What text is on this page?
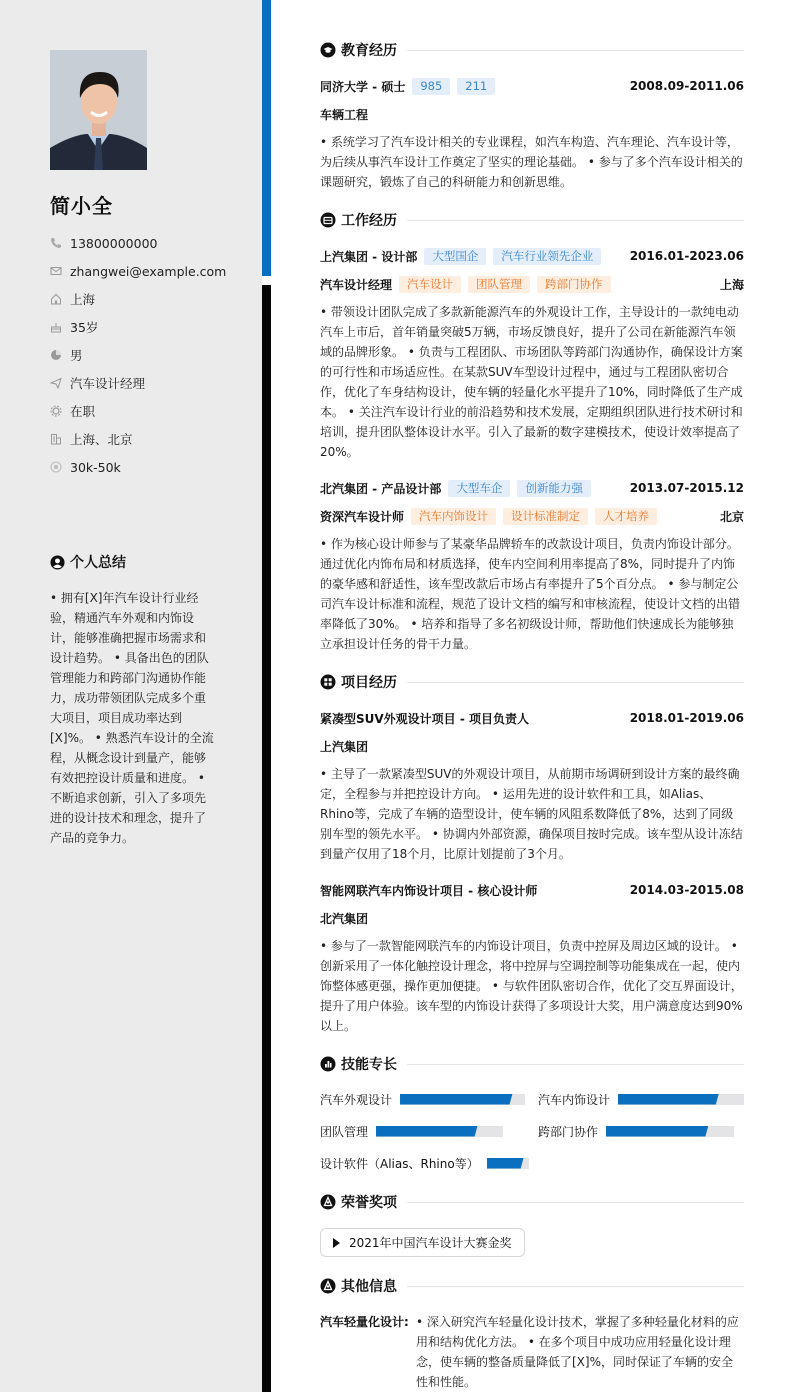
简小全
13800000000
zhangwei@example.com
上海
35岁
男
汽车设计经理
在职
上海、北京
30k-50k
个人总结
• 拥有[X]年汽车设计行业经验，精通汽车外观和内饰设计，能够准确把握市场需求和设计趋势。 • 具备出色的团队管理能力和跨部门沟通协作能力，成功带领团队完成多个重大项目，项目成功率达到[X]%。 • 熟悉汽车设计的全流程，从概念设计到量产，能够有效把控设计质量和进度。 • 不断追求创新，引入了多项先进的设计技术和理念，提升了产品的竞争力。
教育经历
同济大学 - 硕士	985	211	2008.09-2011.06
车辆工程
• 系统学习了汽车设计相关的专业课程，如汽车构造、汽车理论、汽车设计等，为后续从事汽车设计工作奠定了坚实的理论基础。 • 参与了多个汽车设计相关的课题研究，锻炼了自己的科研能力和创新思维。
工作经历
上汽集团 - 设计部	大型国企	汽车行业领先企业	2016.01-2023.06
汽车设计经理	汽车设计	团队管理	跨部门协作	上海
• 带领设计团队完成了多款新能源汽车的外观设计工作，主导设计的一款纯电动汽车上市后，首年销量突破5万辆，市场反馈良好，提升了公司在新能源汽车领域的品牌形象。 • 负责与工程团队、市场团队等跨部门沟通协作，确保设计方案的可行性和市场适应性。在某款SUV车型设计过程中，通过与工程团队密切合作，优化了车身结构设计，使车辆的轻量化水平提升了10%，同时降低了生产成本。 • 关注汽车设计行业的前沿趋势和技术发展，定期组织团队进行技术研讨和培训，提升团队整体设计水平。引入了最新的数字建模技术，使设计效率提高了20%。
北汽集团 - 产品设计部	大型车企	创新能力强	2013.07-2015.12
资深汽车设计师	汽车内饰设计	设计标准制定	人才培养	北京
• 作为核心设计师参与了某豪华品牌轿车的改款设计项目，负责内饰设计部分。通过优化内饰布局和材质选择，使车内空间利用率提高了8%，同时提升了内饰的豪华感和舒适性，该车型改款后市场占有率提升了5个百分点。 • 参与制定公司汽车设计标准和流程，规范了设计文档的编写和审核流程，使设计文档的出错率降低了30%。 • 培养和指导了多名初级设计师，帮助他们快速成长为能够独立承担设计任务的骨干力量。
项目经历
紧凑型SUV外观设计项目 - 项目负责人	2018.01-2019.06
上汽集团
• 主导了一款紧凑型SUV的外观设计项目，从前期市场调研到设计方案的最终确定，全程参与并把控设计方向。 • 运用先进的设计软件和工具，如Alias、Rhino等，完成了车辆的造型设计，使车辆的风阻系数降低了8%，达到了同级别车型的领先水平。 • 协调内外部资源，确保项目按时完成。该车型从设计冻结到量产仅用了18个月，比原计划提前了3个月。
智能网联汽车内饰设计项目 - 核心设计师	2014.03-2015.08
北汽集团
• 参与了一款智能网联汽车的内饰设计项目，负责中控屏及周边区域的设计。 • 创新采用了一体化触控设计理念，将中控屏与空调控制等功能集成在一起，使内饰整体感更强，操作更加便捷。 • 与软件团队密切合作，优化了交互界面设计，提升了用户体验。该车型的内饰设计获得了多项设计大奖，用户满意度达到90%以上。
技能专长
汽车外观设计	汽车内饰设计
团队管理	跨部门协作
设计软件（Alias、Rhino等）
荣誉奖项
2021年中国汽车设计大赛金奖
其他信息
汽车轻量化设计: • 深入研究汽车轻量化设计技术，掌握了多种轻量化材料的应用和结构优化方法。 • 在多个项目中成功应用轻量化设计理念，使车辆的整备质量降低了[X]%，同时保证了车辆的安全性和性能。
